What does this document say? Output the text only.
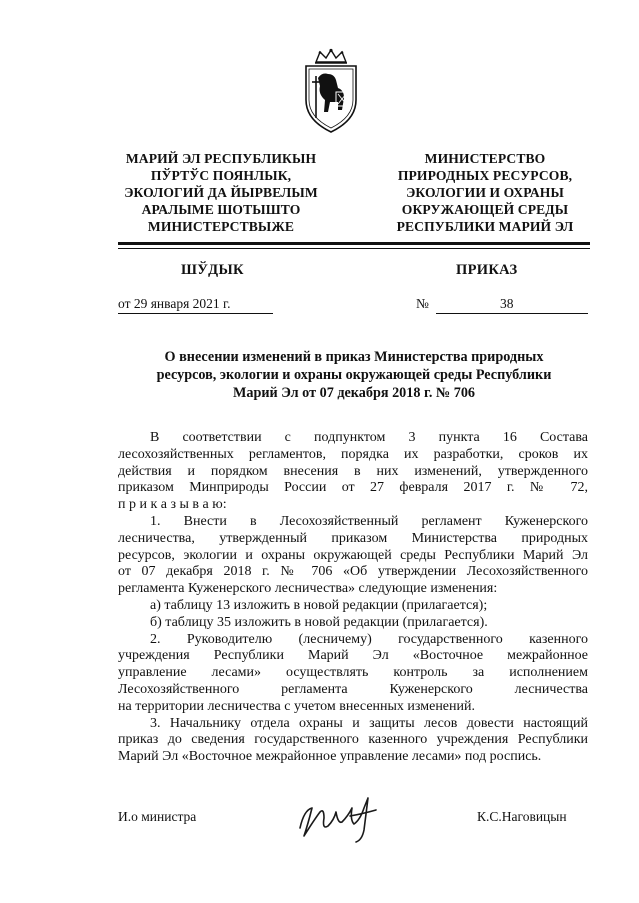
МАРИЙ ЭЛ РЕСПУБЛИКЫН
ПЎРТЎС ПОЯНЛЫК,
ЭКОЛОГИЙ ДА ЙЫРВЕЛЫМ
АРАЛЫМЕ ШОТЫШТО
МИНИСТЕРСТВЫЖЕ
МИНИСТЕРСТВО
ПРИРОДНЫХ РЕСУРСОВ,
ЭКОЛОГИИ И ОХРАНЫ
ОКРУЖАЮЩЕЙ СРЕДЫ
РЕСПУБЛИКИ МАРИЙ ЭЛ
ШЎДЫК	ПРИКАЗ
от 29 января 2021 г.	№	38
О внесении изменений в приказ Министерства природных
ресурсов, экологии и охраны окружающей среды Республики
Марий Эл от 07 декабря 2018 г. № 706
В соответствии с подпунктом 3 пункта 16 Состава
лесохозяйственных регламентов, порядка их разработки, сроков их
действия и порядком внесения в них изменений, утвержденного
приказом Минприроды России от 27 февраля 2017 г. № 72,
п р и к а з ы в а ю:
1. Внести в Лесохозяйственный регламент Куженерского
лесничества, утвержденный приказом Министерства природных
ресурсов, экологии и охраны окружающей среды Республики Марий Эл
от 07 декабря 2018 г. № 706 «Об утверждении Лесохозяйственного
регламента Куженерского лесничества» следующие изменения:
а) таблицу 13 изложить в новой редакции (прилагается);
б) таблицу 35 изложить в новой редакции (прилагается).
2. Руководителю (лесничему) государственного казенного
учреждения Республики Марий Эл «Восточное межрайонное
управление лесами» осуществлять контроль за исполнением
Лесохозяйственного регламента Куженерского лесничества
на территории лесничества с учетом внесенных изменений.
3. Начальнику отдела охраны и защиты лесов довести настоящий
приказ до сведения государственного казенного учреждения Республики
Марий Эл «Восточное межрайонное управление лесами» под роспись.
И.о министра	К.С.Наговицын
